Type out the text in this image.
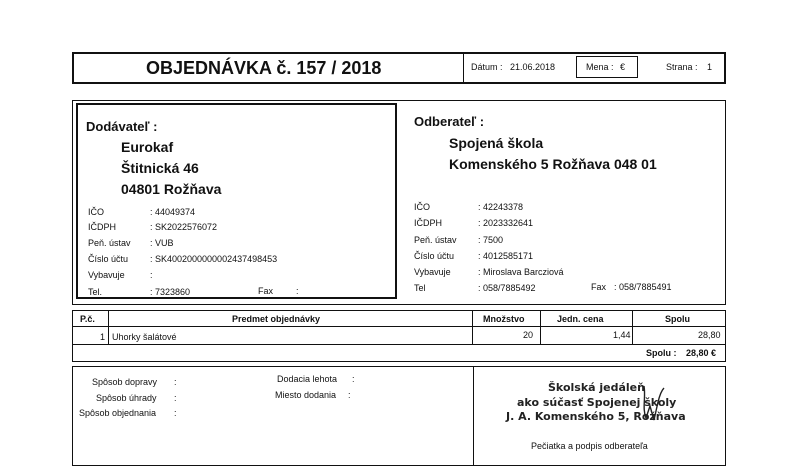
OBJEDNÁVKA č. 157 / 2018	Dátum : 21.06.2018	Mena : €	Strana : 1
Dodávateľ :
Eurokaf
Štitnická 46
04801 Rožňava
IČO	: 44049374
IČDPH	: SK2022576072
Peň. ústav : VUB
Číslo účtu : SK4002000000002437498453
Vybavuje	:
Tel.	: 7323860	Fax	:
Odberateľ :
Spojená škola
Komenského 5 Rožňava 048 01
IČO	: 42243378
IČDPH	: 2023332641
Peň. ústav : 7500
Číslo účtu	: 4012585171
Vybavuje	: Miroslava Barcziová
Tel	: 058/7885492	Fax : 058/7885491
P.č.	Predmet objednávky	Množstvo	Jedn. cena	Spolu
1 Uhorky šalátové	20	1,44	28,80
Spolu : 28,80 €
Spôsob dopravy :
Spôsob úhrady :
Spôsob objednania :
Dodacia lehota :
Miesto dodania :
Školská jedáleň
ako súčasť Spojenej školy
J. A. Komenského 5, Rožňava
Pečiatka a podpis odberateľa
